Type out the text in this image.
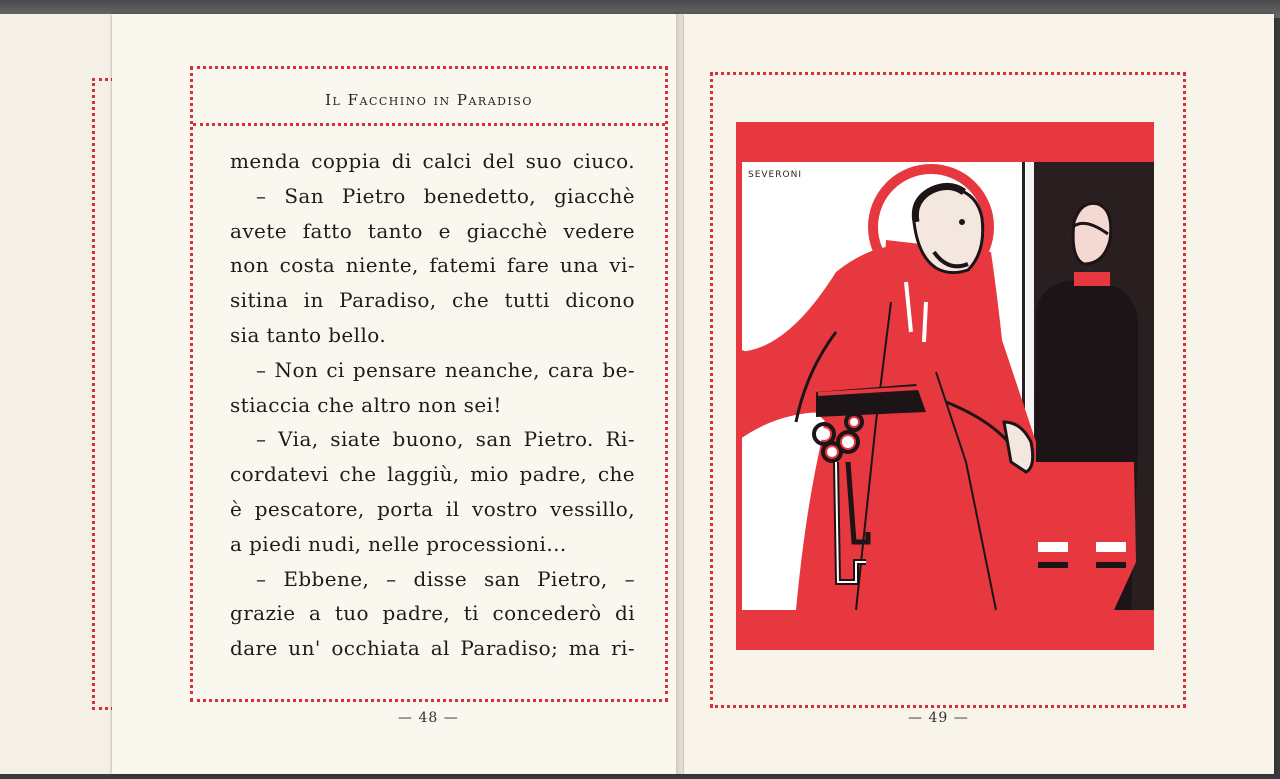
Il Facchino in Paradiso
menda coppia di calci del suo ciuco.
– San Pietro benedetto, giacchè
avete fatto tanto e giacchè vedere
non costa niente, fatemi fare una vi-
sitina in Paradiso, che tutti dicono
sia tanto bello.
– Non ci pensare neanche, cara be-
stiaccia che altro non sei!
– Via, siate buono, san Pietro. Ri-
cordatevi che laggiù, mio padre, che
è pescatore, porta il vostro vessillo,
a piedi nudi, nelle processioni...
– Ebbene, – disse san Pietro, –
grazie a tuo padre, ti concederò di
dare un' occhiata al Paradiso; ma ri-
— 48 —
SEVERONI
— 49 —
